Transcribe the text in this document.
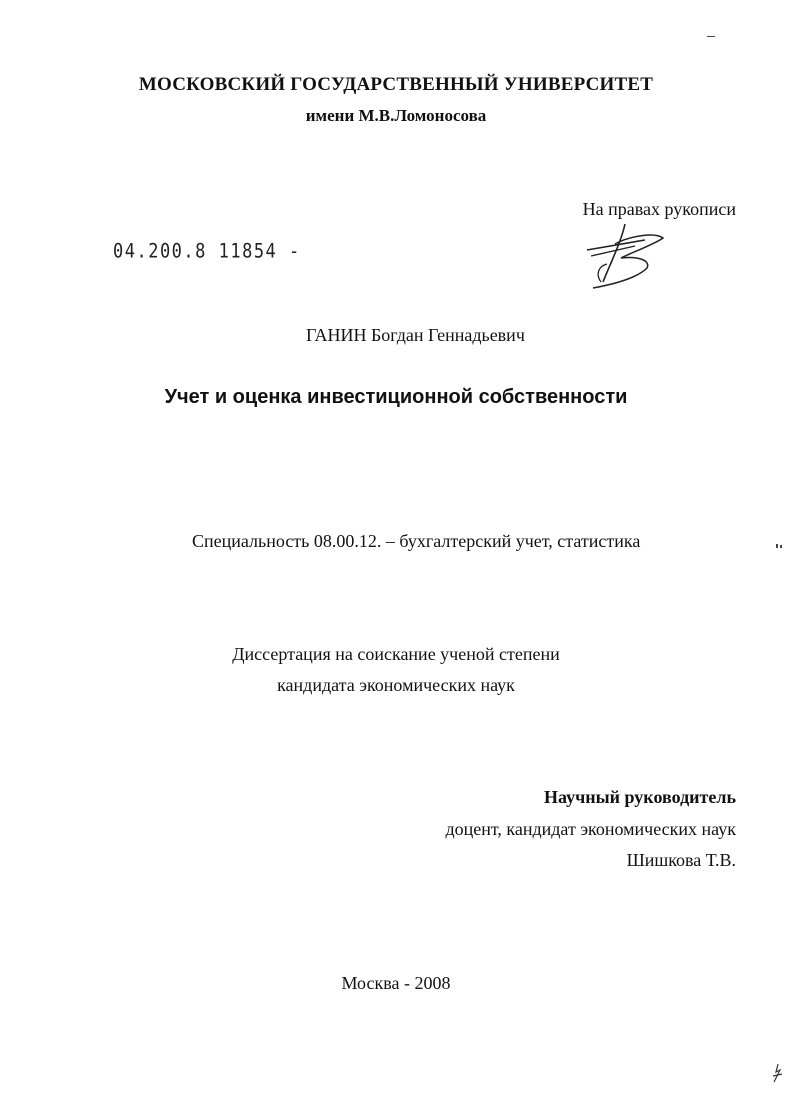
МОСКОВСКИЙ ГОСУДАРСТВЕННЫЙ УНИВЕРСИТЕТ
имени М.В.Ломоносова
На правах рукописи
04.200.8 11854 -
ГАНИН Богдан Геннадьевич
Учет и оценка инвестиционной собственности
Специальность 08.00.12. – бухгалтерский учет, статистика
Диссертация на соискание ученой степени
кандидата экономических наук
Научный руководитель
доцент, кандидат экономических наук
Шишкова Т.В.
Москва - 2008
